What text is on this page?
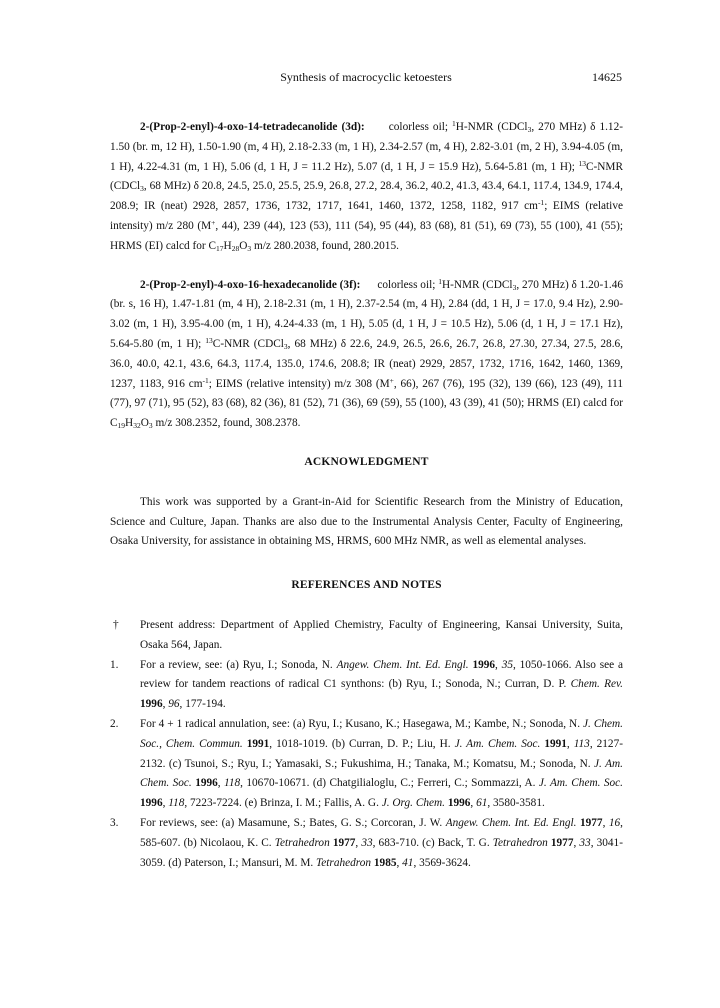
Synthesis of macrocyclic ketoesters	14625

2-(Prop-2-enyl)-4-oxo-14-tetradecanolide (3d): colorless oil; $^1$H-NMR (CDCl$_3$, 270 MHz) δ 1.12-1.50 (br. m, 12 H), 1.50-1.90 (m, 4 H), 2.18-2.33 (m, 1 H), 2.34-2.57 (m, 4 H), 2.82-3.01 (m, 2 H), 3.94-4.05 (m, 1 H), 4.22-4.31 (m, 1 H), 5.06 (d, 1 H, J = 11.2 Hz), 5.07 (d, 1 H, J = 15.9 Hz), 5.64-5.81 (m, 1 H); $^{13}$C-NMR (CDCl$_3$, 68 MHz) δ 20.8, 24.5, 25.0, 25.5, 25.9, 26.8, 27.2, 28.4, 36.2, 40.2, 41.3, 43.4, 64.1, 117.4, 134.9, 174.4, 208.9; IR (neat) 2928, 2857, 1736, 1732, 1717, 1641, 1460, 1372, 1258, 1182, 917 $cm^{-1}$; EIMS (relative intensity) m/z 280 (M+, 44), 239 (44), 123 (53), 111 (54), 95 (44), 83 (68), 81 (51), 69 (73), 55 (100), 41 (55); HRMS (EI) calcd for $C_{17}H_{28}O_3$ m/z 280.2038, found, 280.2015.

2-(Prop-2-enyl)-4-oxo-16-hexadecanolide (3f): colorless oil; $^1$H-NMR (CDCl$_3$, 270 MHz) δ 1.20-1.46 (br. s, 16 H), 1.47-1.81 (m, 4 H), 2.18-2.31 (m, 1 H), 2.37-2.54 (m, 4 H), 2.84 (dd, 1 H, J = 17.0, 9.4 Hz), 2.90-3.02 (m, 1 H), 3.95-4.00 (m, 1 H), 4.24-4.33 (m, 1 H), 5.05 (d, 1 H, J = 10.5 Hz), 5.06 (d, 1 H, J = 17.1 Hz), 5.64-5.80 (m, 1 H); $^{13}$C-NMR (CDCl$_3$, 68 MHz) δ 22.6, 24.9, 26.5, 26.6, 26.7, 26.8, 27.30, 27.34, 27.5, 28.6, 36.0, 40.0, 42.1, 43.6, 64.3, 117.4, 135.0, 174.6, 208.8; IR (neat) 2929, 2857, 1732, 1716, 1642, 1460, 1369, 1237, 1183, 916 $cm^{-1}$; EIMS (relative intensity) m/z 308 (M+, 66), 267 (76), 195 (32), 139 (66), 123 (49), 111 (77), 97 (71), 95 (52), 83 (68), 82 (36), 81 (52), 71 (36), 69 (59), 55 (100), 43 (39), 41 (50); HRMS (EI) calcd for $C_{19}H_{32}O_3$ m/z 308.2352, found, 308.2378.

ACKNOWLEDGMENT

This work was supported by a Grant-in-Aid for Scientific Research from the Ministry of Education, Science and Culture, Japan. Thanks are also due to the Instrumental Analysis Center, Faculty of Engineering, Osaka University, for assistance in obtaining MS, HRMS, 600 MHz NMR, as well as elemental analyses.

REFERENCES AND NOTES
†	Present address: Department of Applied Chemistry, Faculty of Engineering, Kansai University, Suita, Osaka 564, Japan.
1.	For a review, see: (a) Ryu, I.; Sonoda, N. Angew. Chem. Int. Ed. Engl. 1996, 35, 1050-1066. Also see a review for tandem reactions of radical C1 synthons: (b) Ryu, I.; Sonoda, N.; Curran, D. P. Chem. Rev. 1996, 96, 177-194.
2.	For 4 + 1 radical annulation, see: (a) Ryu, I.; Kusano, K.; Hasegawa, M.; Kambe, N.; Sonoda, N. J. Chem. Soc., Chem. Commun. 1991, 1018-1019. (b) Curran, D. P.; Liu, H. J. Am. Chem. Soc. 1991, 113, 2127-2132. (c) Tsunoi, S.; Ryu, I.; Yamasaki, S.; Fukushima, H.; Tanaka, M.; Komatsu, M.; Sonoda, N. J. Am. Chem. Soc. 1996, 118, 10670-10671. (d) Chatgilialoglu, C.; Ferreri, C.; Sommazzi, A. J. Am. Chem. Soc. 1996, 118, 7223-7224. (e) Brinza, I. M.; Fallis, A. G. J. Org. Chem. 1996, 61, 3580-3581.
3.	For reviews, see: (a) Masamune, S.; Bates, G. S.; Corcoran, J. W. Angew. Chem. Int. Ed. Engl. 1977, 16, 585-607. (b) Nicolaou, K. C. Tetrahedron 1977, 33, 683-710. (c) Back, T. G. Tetrahedron 1977, 33, 3041-3059. (d) Paterson, I.; Mansuri, M. M. Tetrahedron 1985, 41, 3569-3624.
